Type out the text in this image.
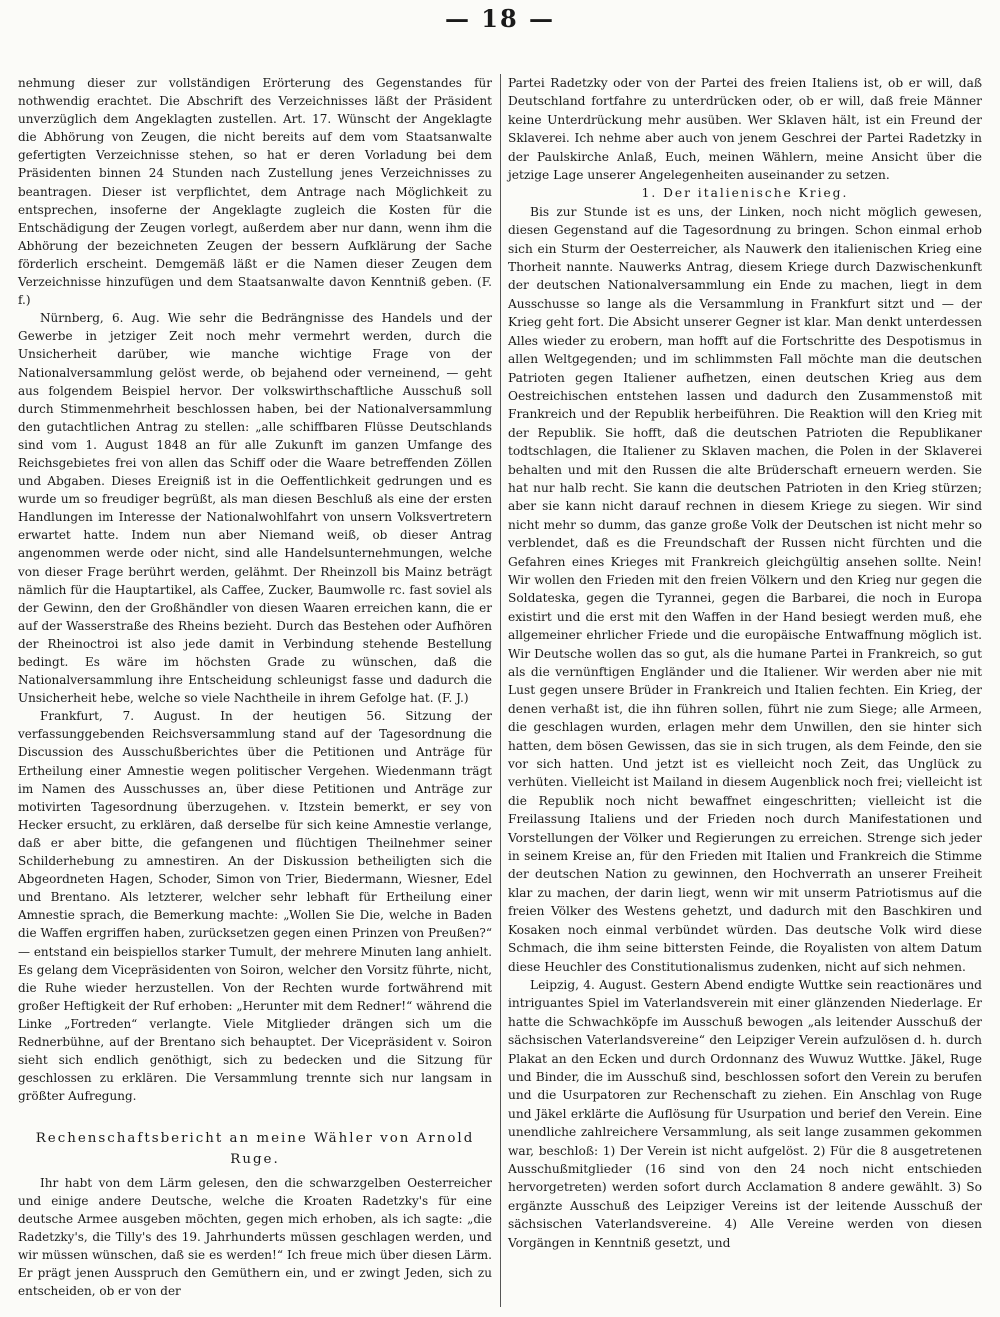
— 18 —

nehmung dieser zur vollständigen Erörterung des Gegenstandes für nothwendig erachtet. Die Abschrift des Verzeichnisses läßt der Präsident unverzüglich dem Angeklagten zustellen. Art. 17. Wünscht der Angeklagte die Abhörung von Zeugen, die nicht bereits auf dem vom Staatsanwalte gefertigten Verzeichnisse stehen, so hat er deren Vorladung bei dem Präsidenten binnen 24 Stunden nach Zustellung jenes Verzeichnisses zu beantragen. Dieser ist verpflichtet, dem Antrage nach Möglichkeit zu entsprechen, insoferne der Angeklagte zugleich die Kosten für die Entschädigung der Zeugen vorlegt, außerdem aber nur dann, wenn ihm die Abhörung der bezeichneten Zeugen der bessern Aufklärung der Sache förderlich erscheint. Demgemäß läßt er die Namen dieser Zeugen dem Verzeichnisse hinzufügen und dem Staatsanwalte davon Kenntniß geben. (F. f.)

Nürnberg, 6. Aug. Wie sehr die Bedrängnisse des Handels und der Gewerbe in jetziger Zeit noch mehr vermehrt werden, durch die Unsicherheit darüber, wie manche wichtige Frage von der Nationalversammlung gelöst werde, ob bejahend oder verneinend, — geht aus folgendem Beispiel hervor. Der volkswirthschaftliche Ausschuß soll durch Stimmenmehrheit beschlossen haben, bei der Nationalversammlung den gutachtlichen Antrag zu stellen: „alle schiffbaren Flüsse Deutschlands sind vom 1. August 1848 an für alle Zukunft im ganzen Umfange des Reichsgebietes frei von allen das Schiff oder die Waare betreffenden Zöllen und Abgaben. Dieses Ereigniß ist in die Oeffentlichkeit gedrungen und es wurde um so freudiger begrüßt, als man diesen Beschluß als eine der ersten Handlungen im Interesse der Nationalwohlfahrt von unsern Volksvertretern erwartet hatte. Indem nun aber Niemand weiß, ob dieser Antrag angenommen werde oder nicht, sind alle Handelsunternehmungen, welche von dieser Frage berührt werden, gelähmt. Der Rheinzoll bis Mainz beträgt nämlich für die Hauptartikel, als Caffee, Zucker, Baumwolle rc. fast soviel als der Gewinn, den der Großhändler von diesen Waaren erreichen kann, die er auf der Wasserstraße des Rheins bezieht. Durch das Bestehen oder Aufhören der Rheinoctroi ist also jede damit in Verbindung stehende Bestellung bedingt. Es wäre im höchsten Grade zu wünschen, daß die Nationalversammlung ihre Entscheidung schleunigst fasse und dadurch die Unsicherheit hebe, welche so viele Nachtheile in ihrem Gefolge hat. (F. J.)

Frankfurt, 7. August. In der heutigen 56. Sitzung der verfassunggebenden Reichsversammlung stand auf der Tagesordnung die Discussion des Ausschußberichtes über die Petitionen und Anträge für Ertheilung einer Amnestie wegen politischer Vergehen. Wiedenmann trägt im Namen des Ausschusses an, über diese Petitionen und Anträge zur motivirten Tagesordnung überzugehen. v. Itzstein bemerkt, er sey von Hecker ersucht, zu erklären, daß derselbe für sich keine Amnestie verlange, daß er aber bitte, die gefangenen und flüchtigen Theilnehmer seiner Schilderhebung zu amnestiren. An der Diskussion betheiligten sich die Abgeordneten Hagen, Schoder, Simon von Trier, Biedermann, Wiesner, Edel und Brentano. Als letzterer, welcher sehr lebhaft für Ertheilung einer Amnestie sprach, die Bemerkung machte: „Wollen Sie Die, welche in Baden die Waffen ergriffen haben, zurücksetzen gegen einen Prinzen von Preußen?“ — entstand ein beispiellos starker Tumult, der mehrere Minuten lang anhielt. Es gelang dem Vicepräsidenten von Soiron, welcher den Vorsitz führte, nicht, die Ruhe wieder herzustellen. Von der Rechten wurde fortwährend mit großer Heftigkeit der Ruf erhoben: „Herunter mit dem Redner!“ während die Linke „Fortreden“ verlangte. Viele Mitglieder drängen sich um die Rednerbühne, auf der Brentano sich behauptet. Der Vicepräsident v. Soiron sieht sich endlich genöthigt, sich zu bedecken und die Sitzung für geschlossen zu erklären. Die Versammlung trennte sich nur langsam in größter Aufregung.

Rechenschaftsbericht an meine Wähler von Arnold Ruge.

Ihr habt von dem Lärm gelesen, den die schwarzgelben Oesterreicher und einige andere Deutsche, welche die Kroaten Radetzky's für eine deutsche Armee ausgeben möchten, gegen mich erhoben, als ich sagte: „die Radetzky's, die Tilly's des 19. Jahrhunderts müssen geschlagen werden, und wir müssen wünschen, daß sie es werden!“ Ich freue mich über diesen Lärm. Er prägt jenen Ausspruch den Gemüthern ein, und er zwingt Jeden, sich zu entscheiden, ob er von der

Partei Radetzky oder von der Partei des freien Italiens ist, ob er will, daß Deutschland fortfahre zu unterdrücken oder, ob er will, daß freie Männer keine Unterdrückung mehr ausüben. Wer Sklaven hält, ist ein Freund der Sklaverei. Ich nehme aber auch von jenem Geschrei der Partei Radetzky in der Paulskirche Anlaß, Euch, meinen Wählern, meine Ansicht über die jetzige Lage unserer Angelegenheiten auseinander zu setzen.

1. Der italienische Krieg.

Bis zur Stunde ist es uns, der Linken, noch nicht möglich gewesen, diesen Gegenstand auf die Tagesordnung zu bringen. Schon einmal erhob sich ein Sturm der Oesterreicher, als Nauwerk den italienischen Krieg eine Thorheit nannte. Nauwerks Antrag, diesem Kriege durch Dazwischenkunft der deutschen Nationalversammlung ein Ende zu machen, liegt in dem Ausschusse so lange als die Versammlung in Frankfurt sitzt und — der Krieg geht fort. Die Absicht unserer Gegner ist klar. Man denkt unterdessen Alles wieder zu erobern, man hofft auf die Fortschritte des Despotismus in allen Weltgegenden; und im schlimmsten Fall möchte man die deutschen Patrioten gegen Italiener aufhetzen, einen deutschen Krieg aus dem Oestreichischen entstehen lassen und dadurch den Zusammenstoß mit Frankreich und der Republik herbeiführen. Die Reaktion will den Krieg mit der Republik. Sie hofft, daß die deutschen Patrioten die Republikaner todtschlagen, die Italiener zu Sklaven machen, die Polen in der Sklaverei behalten und mit den Russen die alte Brüderschaft erneuern werden. Sie hat nur halb recht. Sie kann die deutschen Patrioten in den Krieg stürzen; aber sie kann nicht darauf rechnen in diesem Kriege zu siegen. Wir sind nicht mehr so dumm, das ganze große Volk der Deutschen ist nicht mehr so verblendet, daß es die Freundschaft der Russen nicht fürchten und die Gefahren eines Krieges mit Frankreich gleichgültig ansehen sollte. Nein! Wir wollen den Frieden mit den freien Völkern und den Krieg nur gegen die Soldateska, gegen die Tyrannei, gegen die Barbarei, die noch in Europa existirt und die erst mit den Waffen in der Hand besiegt werden muß, ehe allgemeiner ehrlicher Friede und die europäische Entwaffnung möglich ist. Wir Deutsche wollen das so gut, als die humane Partei in Frankreich, so gut als die vernünftigen Engländer und die Italiener. Wir werden aber nie mit Lust gegen unsere Brüder in Frankreich und Italien fechten. Ein Krieg, der denen verhaßt ist, die ihn führen sollen, führt nie zum Siege; alle Armeen, die geschlagen wurden, erlagen mehr dem Unwillen, den sie hinter sich hatten, dem bösen Gewissen, das sie in sich trugen, als dem Feinde, den sie vor sich hatten. Und jetzt ist es vielleicht noch Zeit, das Unglück zu verhüten. Vielleicht ist Mailand in diesem Augenblick noch frei; vielleicht ist die Republik noch nicht bewaffnet eingeschritten; vielleicht ist die Freilassung Italiens und der Frieden noch durch Manifestationen und Vorstellungen der Völker und Regierungen zu erreichen. Strenge sich jeder in seinem Kreise an, für den Frieden mit Italien und Frankreich die Stimme der deutschen Nation zu gewinnen, den Hochverrath an unserer Freiheit klar zu machen, der darin liegt, wenn wir mit unserm Patriotismus auf die freien Völker des Westens gehetzt, und dadurch mit den Baschkiren und Kosaken noch einmal verbündet würden. Das deutsche Volk wird diese Schmach, die ihm seine bittersten Feinde, die Royalisten von altem Datum diese Heuchler des Constitutionalismus zudenken, nicht auf sich nehmen.

Leipzig, 4. August. Gestern Abend endigte Wuttke sein reactionäres und intriguantes Spiel im Vaterlandsverein mit einer glänzenden Niederlage. Er hatte die Schwachköpfe im Ausschuß bewogen „als leitender Ausschuß der sächsischen Vaterlandsvereine“ den Leipziger Verein aufzulösen d. h. durch Plakat an den Ecken und durch Ordonnanz des Wuwuz Wuttke. Jäkel, Ruge und Binder, die im Ausschuß sind, beschlossen sofort den Verein zu berufen und die Usurpatoren zur Rechenschaft zu ziehen. Ein Anschlag von Ruge und Jäkel erklärte die Auflösung für Usurpation und berief den Verein. Eine unendliche zahlreichere Versammlung, als seit lange zusammen gekommen war, beschloß: 1) Der Verein ist nicht aufgelöst. 2) Für die 8 ausgetretenen Ausschußmitglieder (16 sind von den 24 noch nicht entschieden hervorgetreten) werden sofort durch Acclamation 8 andere gewählt. 3) So ergänzte Ausschuß des Leipziger Vereins ist der leitende Ausschuß der sächsischen Vaterlandsvereine. 4) Alle Vereine werden von diesen Vorgängen in Kenntniß gesetzt, und
